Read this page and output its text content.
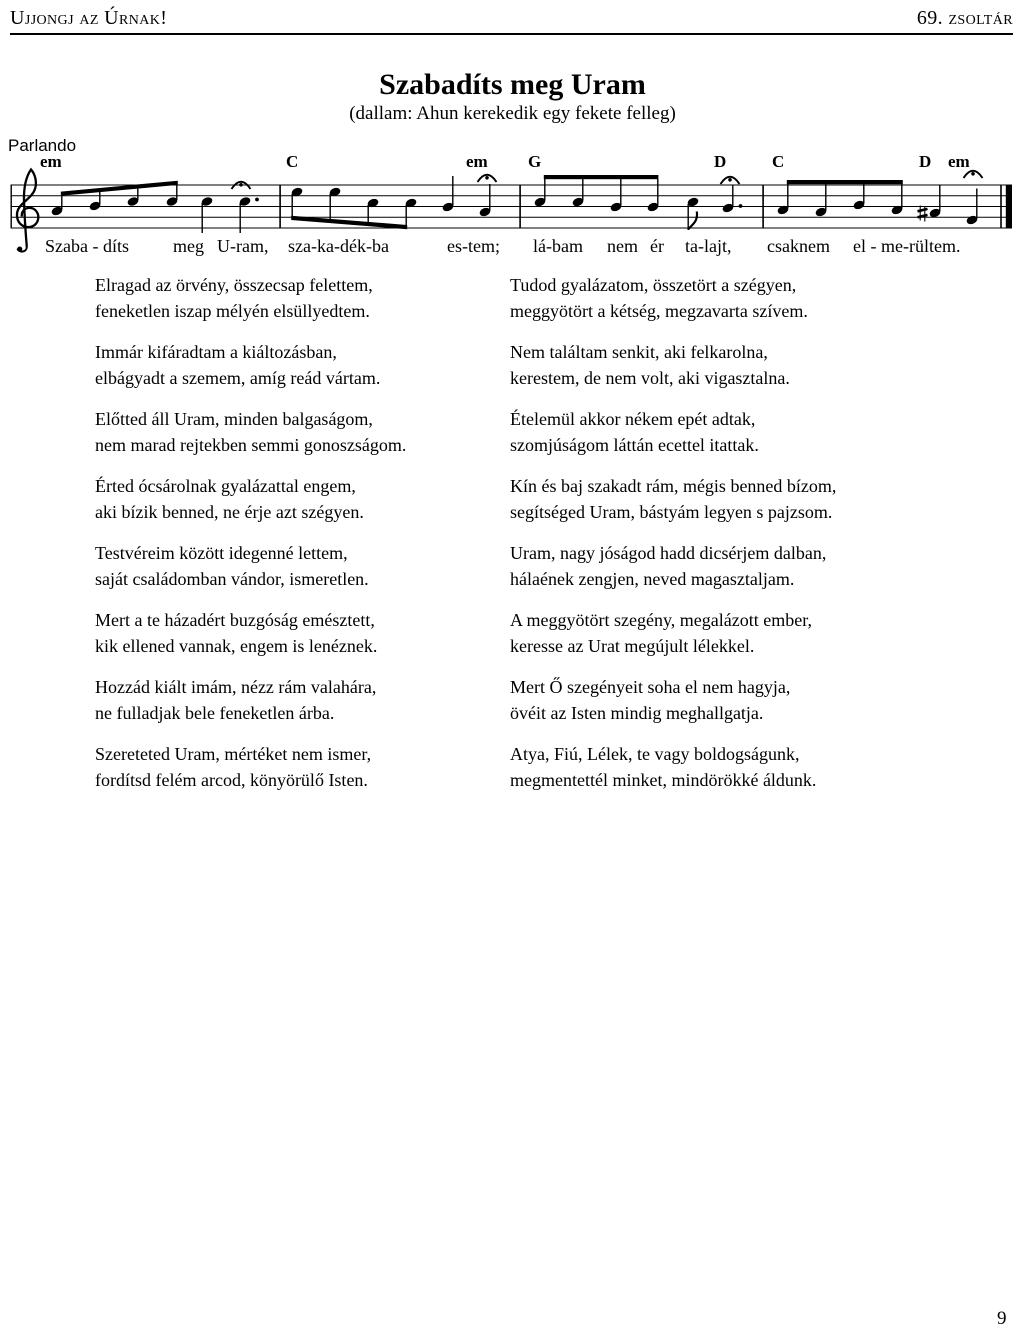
Ujjongj az Úrnak!	69. zsoltár
Szabadíts meg Uram
(dallam: Ahun kerekedik egy fekete felleg)
Parlando
em	C	em G	D	C	D em
Szaba - díts meg U-ram, sza-ka-dék-ba	es-tem; lá-bam nem ér ta-lajt, csaknem el - me-rültem.
Elragad az örvény, összecsap felettem,
feneketlen iszap mélyén elsüllyedtem.
Immár kifáradtam a kiáltozásban,
elbágyadt a szemem, amíg reád vártam.
Előtted áll Uram, minden balgaságom,
nem marad rejtekben semmi gonoszságom.
Érted ócsárolnak gyalázattal engem,
aki bízik benned, ne érje azt szégyen.
Testvéreim között idegenné lettem,
saját családomban vándor, ismeretlen.
Mert a te házadért buzgóság emésztett,
kik ellened vannak, engem is lenéznek.
Hozzád kiált imám, nézz rám valahára,
ne fulladjak bele feneketlen árba.
Szereteted Uram, mértéket nem ismer,
fordítsd felém arcod, könyörülő Isten.
Tudod gyalázatom, összetört a szégyen,
meggyötört a kétség, megzavarta szívem.
Nem találtam senkit, aki felkarolna,
kerestem, de nem volt, aki vigasztalna.
Ételemül akkor nékem epét adtak,
szomjúságom láttán ecettel itattak.
Kín és baj szakadt rám, mégis benned bízom,
segítséged Uram, bástyám legyen s pajzsom.
Uram, nagy jóságod hadd dicsérjem dalban,
hálaének zengjen, neved magasztaljam.
A meggyötört szegény, megalázott ember,
keresse az Urat megújult lélekkel.
Mert Ő szegényeit soha el nem hagyja,
övéit az Isten mindig meghallgatja.
Atya, Fiú, Lélek, te vagy boldogságunk,
megmentettél minket, mindörökké áldunk.
9
